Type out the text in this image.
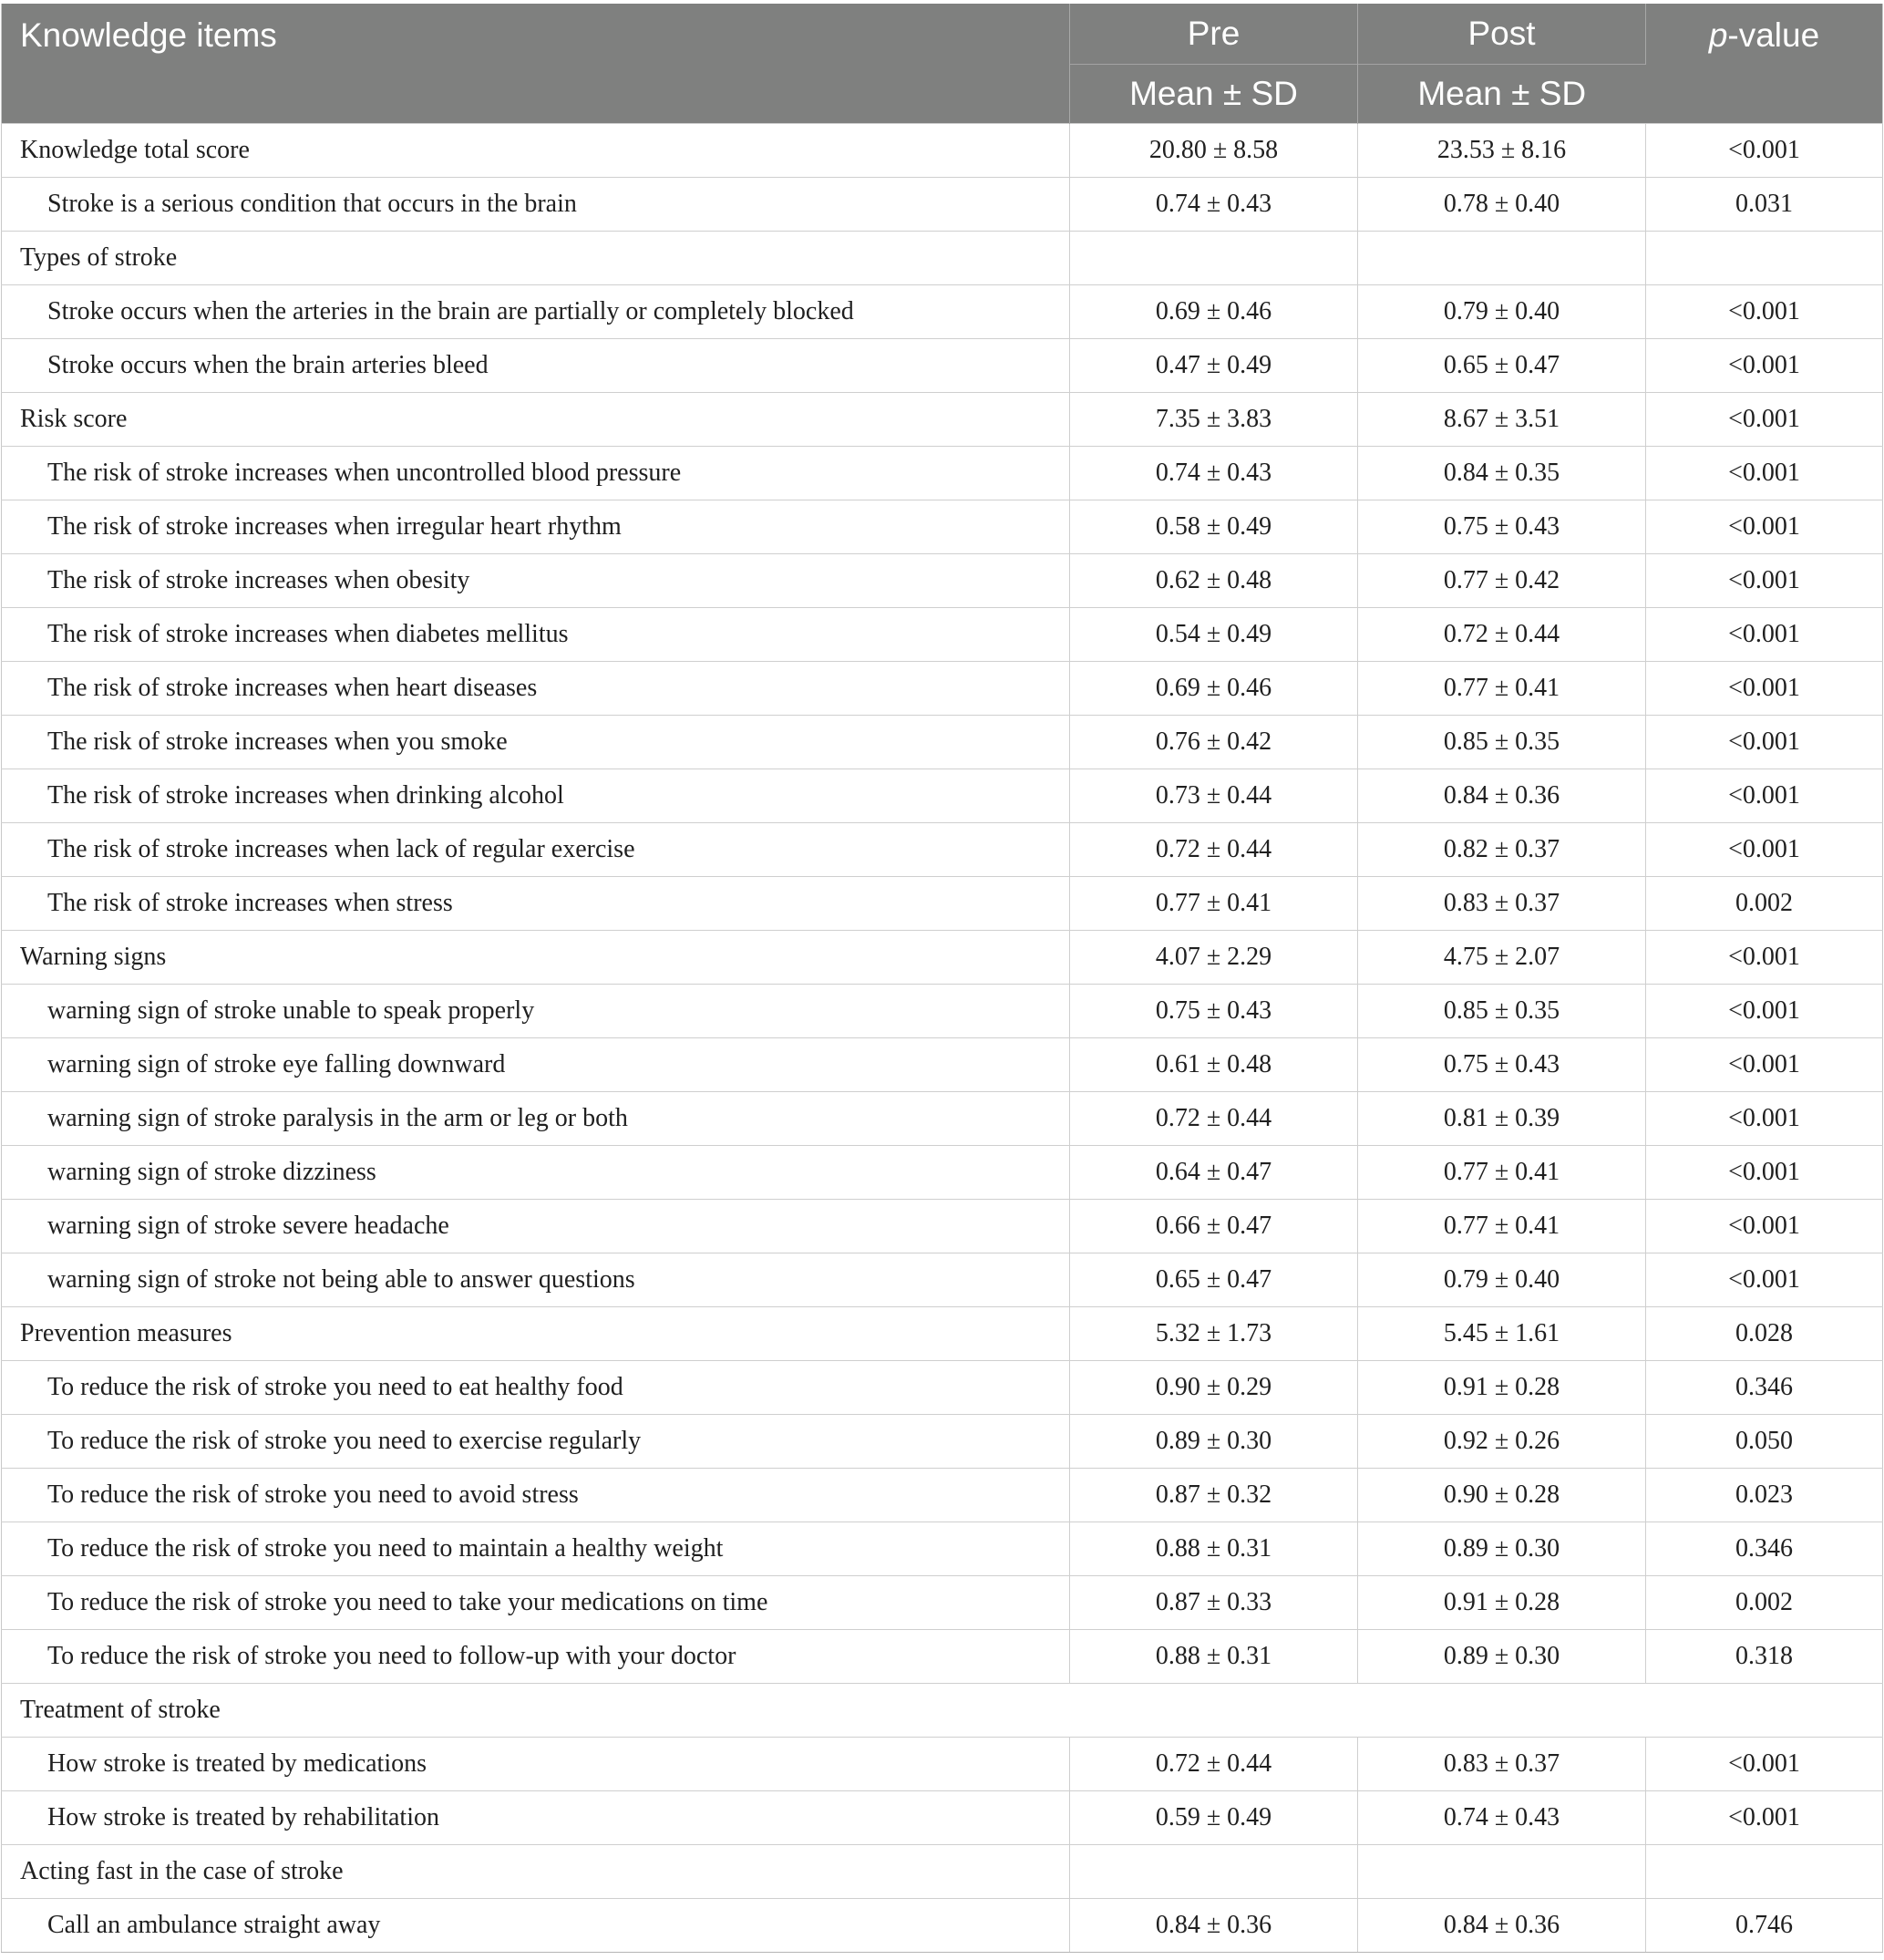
Knowledge items	Pre	Post	p-value
	Mean ± SD	Mean ± SD	
Knowledge total score	20.80 ± 8.58	23.53 ± 8.16	<0.001
Stroke is a serious condition that occurs in the brain	0.74 ± 0.43	0.78 ± 0.40	0.031
Types of stroke			
Stroke occurs when the arteries in the brain are partially or completely blocked	0.69 ± 0.46	0.79 ± 0.40	<0.001
Stroke occurs when the brain arteries bleed	0.47 ± 0.49	0.65 ± 0.47	<0.001
Risk score	7.35 ± 3.83	8.67 ± 3.51	<0.001
The risk of stroke increases when uncontrolled blood pressure	0.74 ± 0.43	0.84 ± 0.35	<0.001
The risk of stroke increases when irregular heart rhythm	0.58 ± 0.49	0.75 ± 0.43	<0.001
The risk of stroke increases when obesity	0.62 ± 0.48	0.77 ± 0.42	<0.001
The risk of stroke increases when diabetes mellitus	0.54 ± 0.49	0.72 ± 0.44	<0.001
The risk of stroke increases when heart diseases	0.69 ± 0.46	0.77 ± 0.41	<0.001
The risk of stroke increases when you smoke	0.76 ± 0.42	0.85 ± 0.35	<0.001
The risk of stroke increases when drinking alcohol	0.73 ± 0.44	0.84 ± 0.36	<0.001
The risk of stroke increases when lack of regular exercise	0.72 ± 0.44	0.82 ± 0.37	<0.001
The risk of stroke increases when stress	0.77 ± 0.41	0.83 ± 0.37	0.002
Warning signs	4.07 ± 2.29	4.75 ± 2.07	<0.001
warning sign of stroke unable to speak properly	0.75 ± 0.43	0.85 ± 0.35	<0.001
warning sign of stroke eye falling downward	0.61 ± 0.48	0.75 ± 0.43	<0.001
warning sign of stroke paralysis in the arm or leg or both	0.72 ± 0.44	0.81 ± 0.39	<0.001
warning sign of stroke dizziness	0.64 ± 0.47	0.77 ± 0.41	<0.001
warning sign of stroke severe headache	0.66 ± 0.47	0.77 ± 0.41	<0.001
warning sign of stroke not being able to answer questions	0.65 ± 0.47	0.79 ± 0.40	<0.001
Prevention measures	5.32 ± 1.73	5.45 ± 1.61	0.028
To reduce the risk of stroke you need to eat healthy food	0.90 ± 0.29	0.91 ± 0.28	0.346
To reduce the risk of stroke you need to exercise regularly	0.89 ± 0.30	0.92 ± 0.26	0.050
To reduce the risk of stroke you need to avoid stress	0.87 ± 0.32	0.90 ± 0.28	0.023
To reduce the risk of stroke you need to maintain a healthy weight	0.88 ± 0.31	0.89 ± 0.30	0.346
To reduce the risk of stroke you need to take your medications on time	0.87 ± 0.33	0.91 ± 0.28	0.002
To reduce the risk of stroke you need to follow-up with your doctor	0.88 ± 0.31	0.89 ± 0.30	0.318
Treatment of stroke			
How stroke is treated by medications	0.72 ± 0.44	0.83 ± 0.37	<0.001
How stroke is treated by rehabilitation	0.59 ± 0.49	0.74 ± 0.43	<0.001
Acting fast in the case of stroke			
Call an ambulance straight away	0.84 ± 0.36	0.84 ± 0.36	0.746
